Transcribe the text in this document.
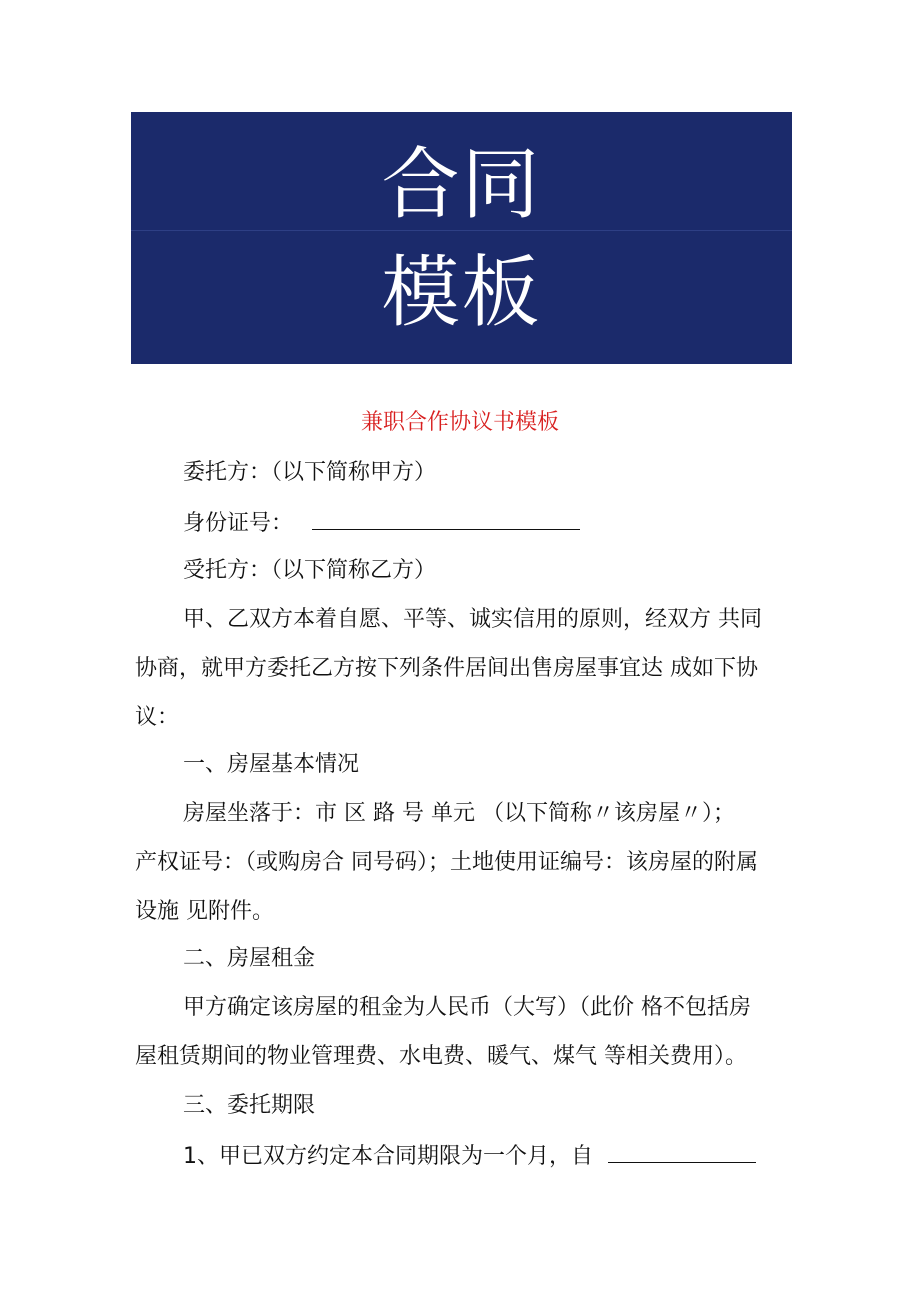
合同
模板
兼职合作协议书模板
委托方：（以下简称甲方）
身份证号：
受托方：（以下简称乙方）
甲、乙双方本着自愿、平等、诚实信用的原则，经双方 共同
协商，就甲方委托乙方按下列条件居间出售房屋事宜达 成如下协
议：
一、房屋基本情况
房屋坐落于：市 区 路 号 单元 （以下简称〃该房屋〃）；
产权证号：（或购房合 同号码）；土地使用证编号：该房屋的附属
设施 见附件。
二、房屋租金
甲方确定该房屋的租金为人民币（大写）（此价 格不包括房
屋租赁期间的物业管理费、水电费、暖气、煤气 等相关费用）。
三、委托期限
1、甲已双方约定本合同期限为一个月，自
